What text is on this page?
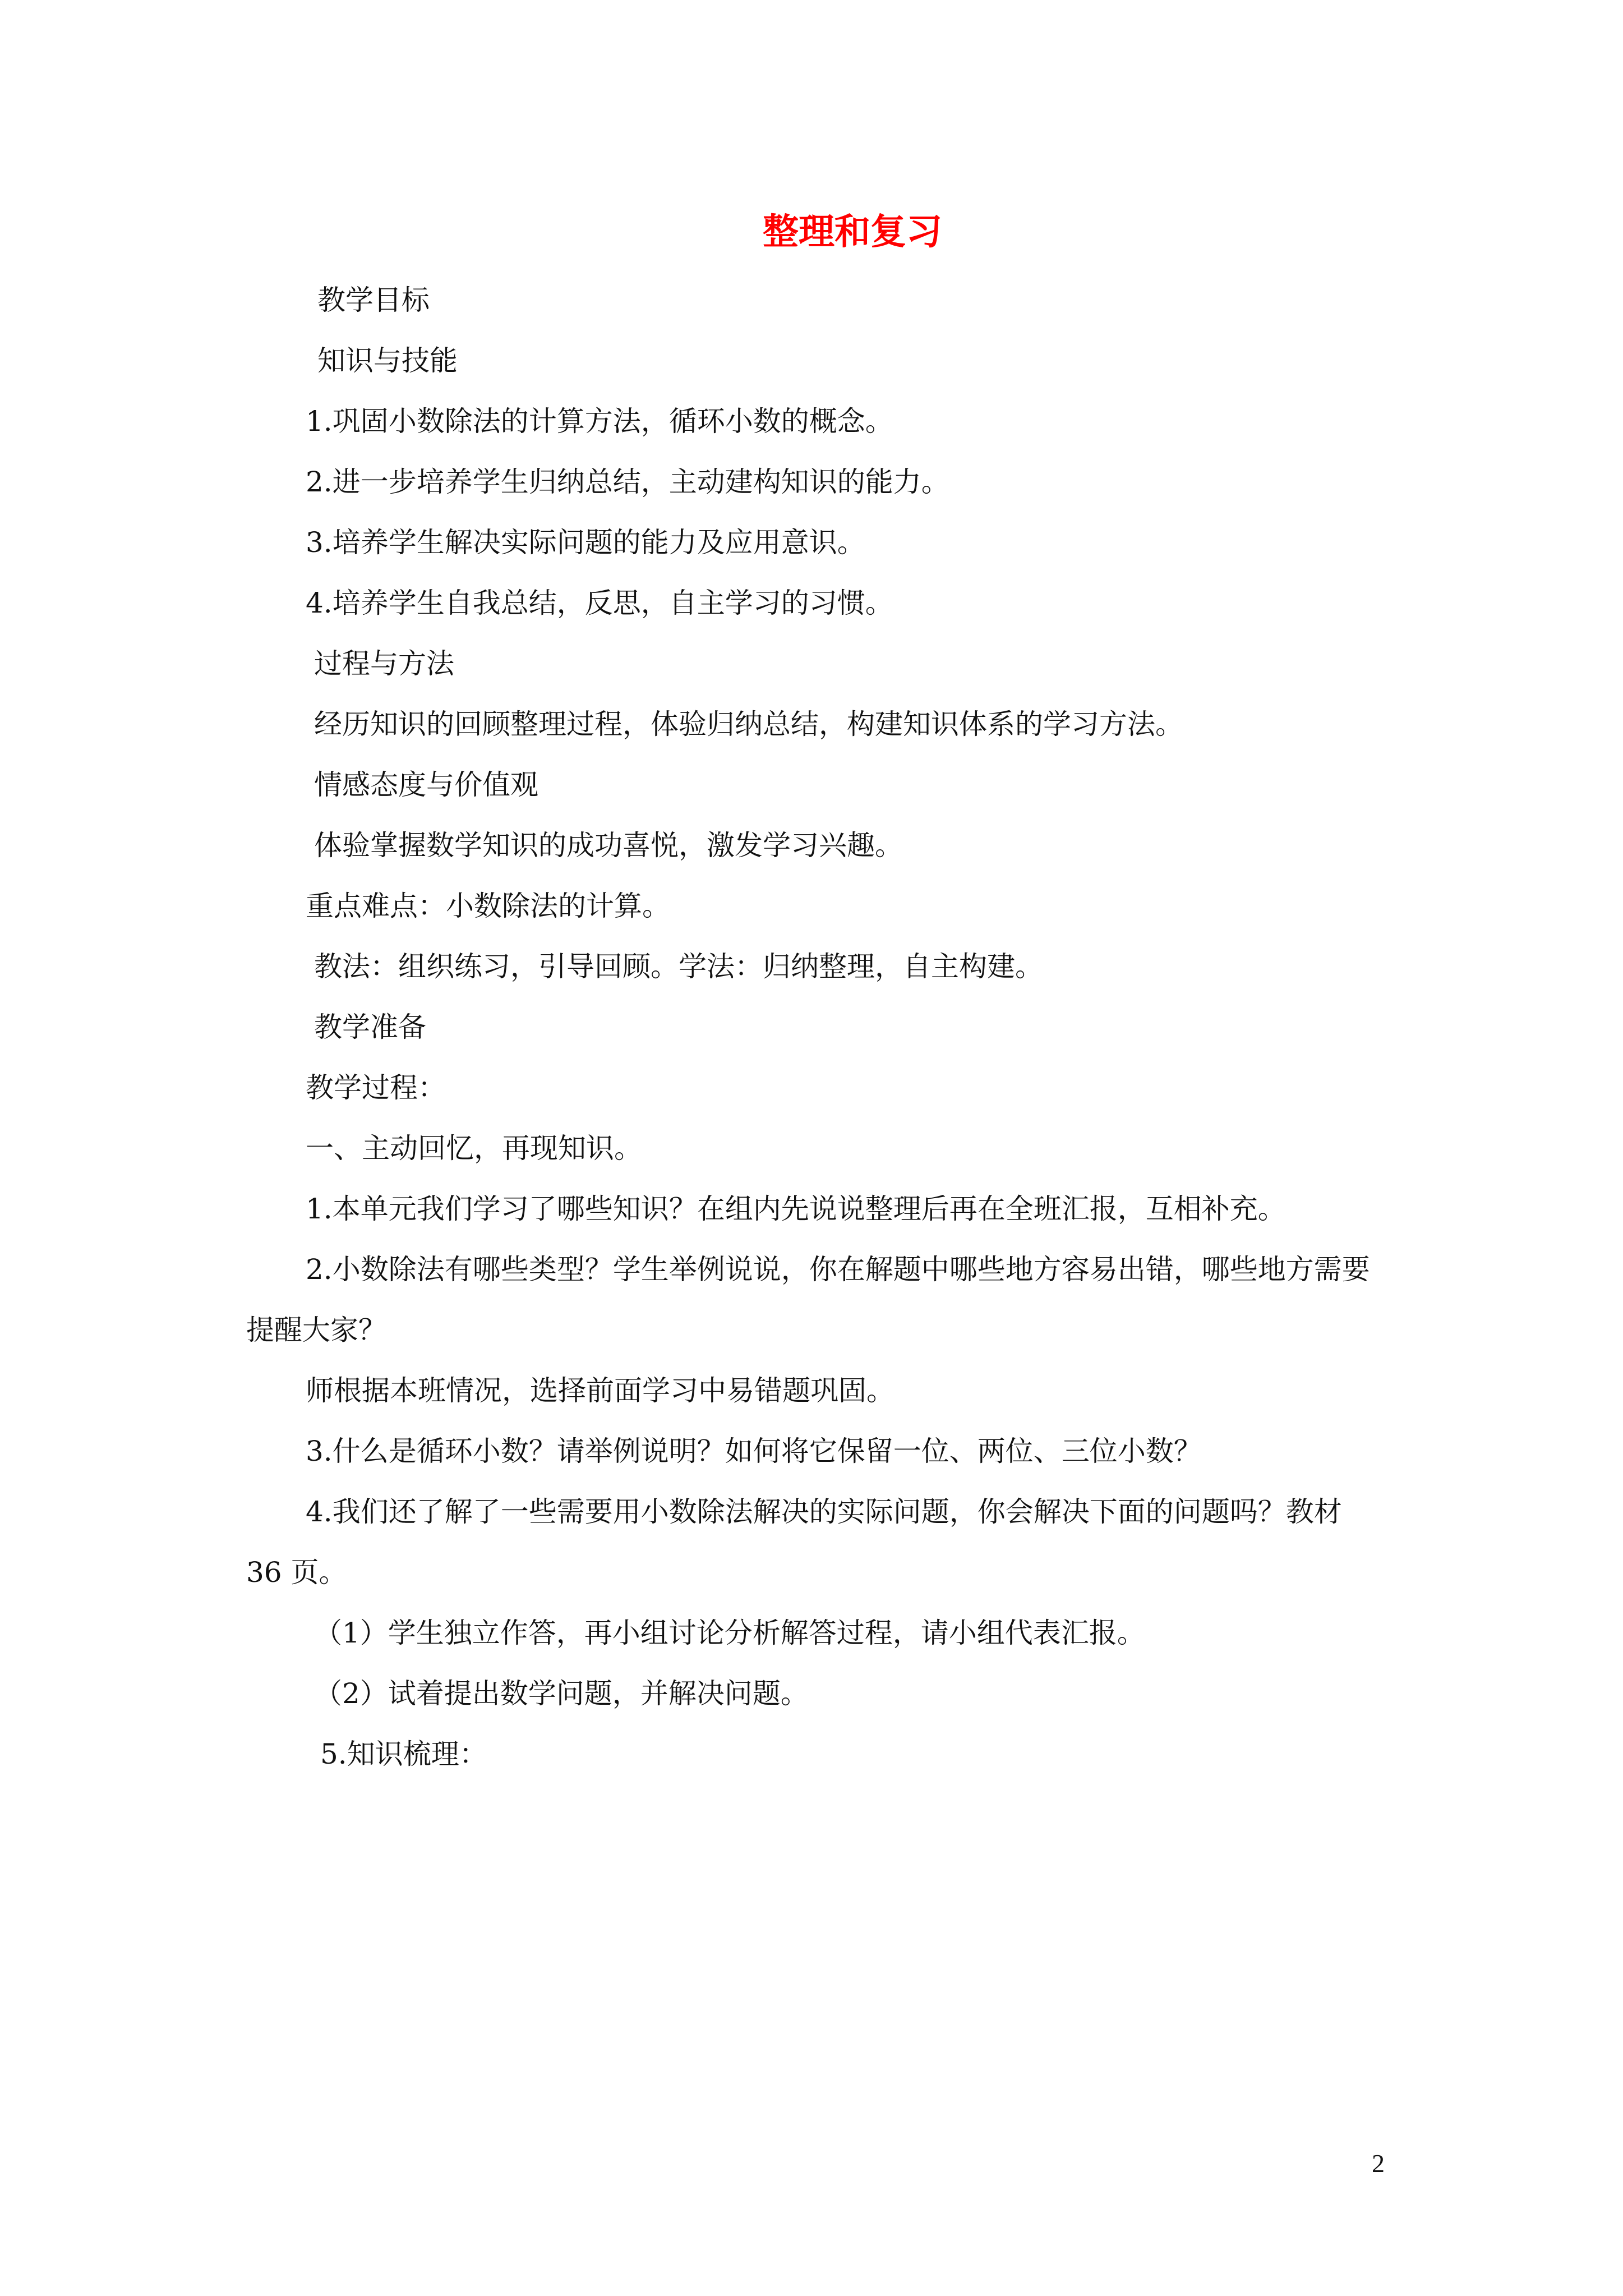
整理和复习
教学目标
知识与技能
1.巩固小数除法的计算方法，循环小数的概念。
2.进一步培养学生归纳总结，主动建构知识的能力。
3.培养学生解决实际问题的能力及应用意识。
4.培养学生自我总结，反思，自主学习的习惯。
过程与方法
经历知识的回顾整理过程，体验归纳总结，构建知识体系的学习方法。
情感态度与价值观
体验掌握数学知识的成功喜悦，激发学习兴趣。
重点难点：小数除法的计算。
教法：组织练习，引导回顾。学法：归纳整理，自主构建。
教学准备
教学过程：
一、主动回忆，再现知识。
1.本单元我们学习了哪些知识？在组内先说说整理后再在全班汇报，互相补充。
2.小数除法有哪些类型？学生举例说说，你在解题中哪些地方容易出错，哪些地方需要
提醒大家？
师根据本班情况，选择前面学习中易错题巩固。
3.什么是循环小数？请举例说明？如何将它保留一位、两位、三位小数？
4.我们还了解了一些需要用小数除法解决的实际问题，你会解决下面的问题吗？教材
36 页。
（1）学生独立作答，再小组讨论分析解答过程，请小组代表汇报。
（2）试着提出数学问题，并解决问题。
5.知识梳理：
2
